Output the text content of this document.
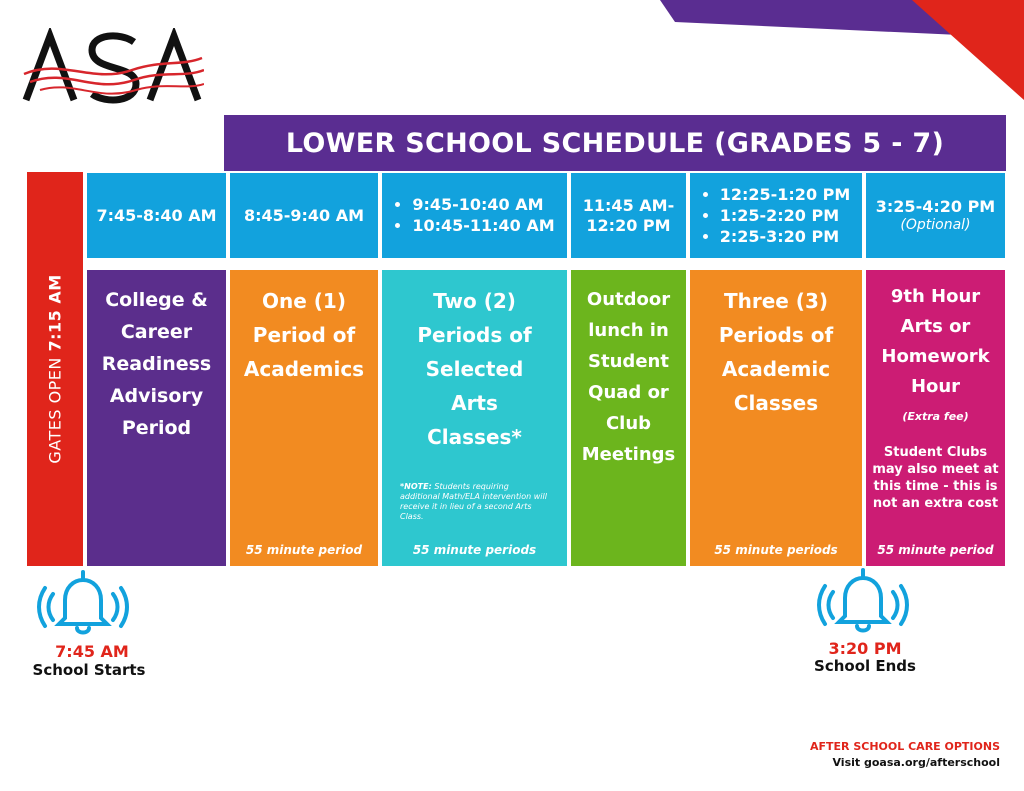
LOWER SCHOOL SCHEDULE (GRADES 5 - 7)
GATES OPEN 7:15 AM
7:45-8:40 AM 8:45-9:40 AM
• 9:45-10:40 AM
• 10:45-11:40 AM
11:45 AM-
12:20 PM
• 12:25-1:20 PM
• 1:25-2:20 PM
• 2:25-3:20 PM
3:25-4:20 PM
(Optional)
College & Career Readiness Advisory Period
One (1) Period of Academics
55 minute period
Two (2) Periods of Selected Arts Classes*
*NOTE: Students requiring additional Math/ELA intervention will receive it in lieu of a second Arts Class.
55 minute periods
Outdoor lunch in Student Quad or Club Meetings
Three (3) Periods of Academic Classes
55 minute periods
9th Hour Arts or Homework Hour
(Extra fee)
Student Clubs may also meet at this time - this is not an extra cost
55 minute period
7:45 AM
School Starts
3:20 PM
School Ends
AFTER SCHOOL CARE OPTIONS
Visit goasa.org/afterschool
